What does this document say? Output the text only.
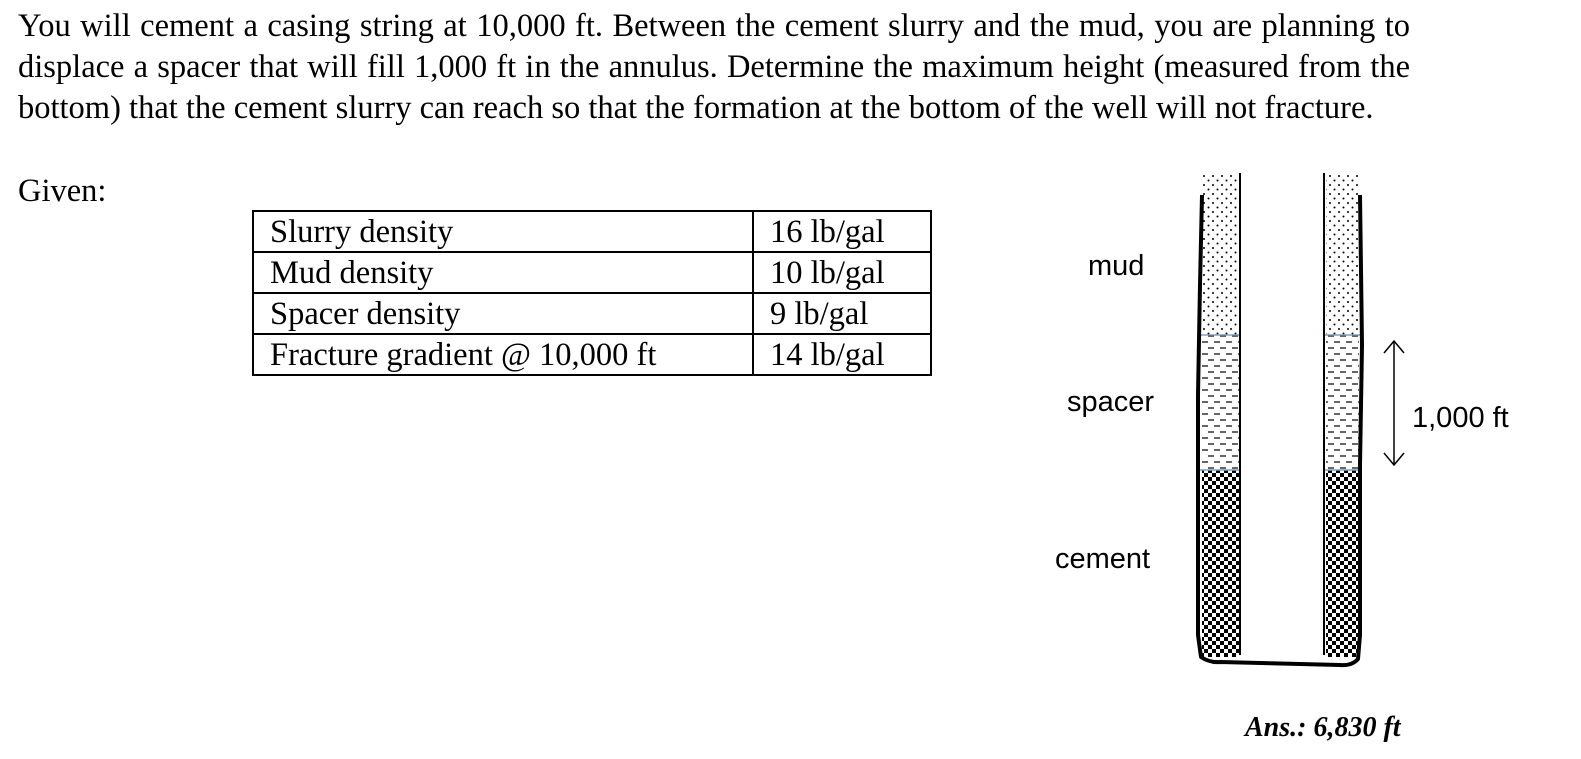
You will cement a casing string at 10,000 ft. Between the cement slurry and the mud, you are planning to displace a spacer that will fill 1,000 ft in the annulus. Determine the maximum height (measured from the bottom) that the cement slurry can reach so that the formation at the bottom of the well will not fracture.

Given:

Slurry density	16 lb/gal
Mud density	10 lb/gal
Spacer density	9 lb/gal
Fracture gradient @ 10,000 ft	14 lb/gal
mud
spacer
cement
1,000 ft
Ans.: 6,830 ft
